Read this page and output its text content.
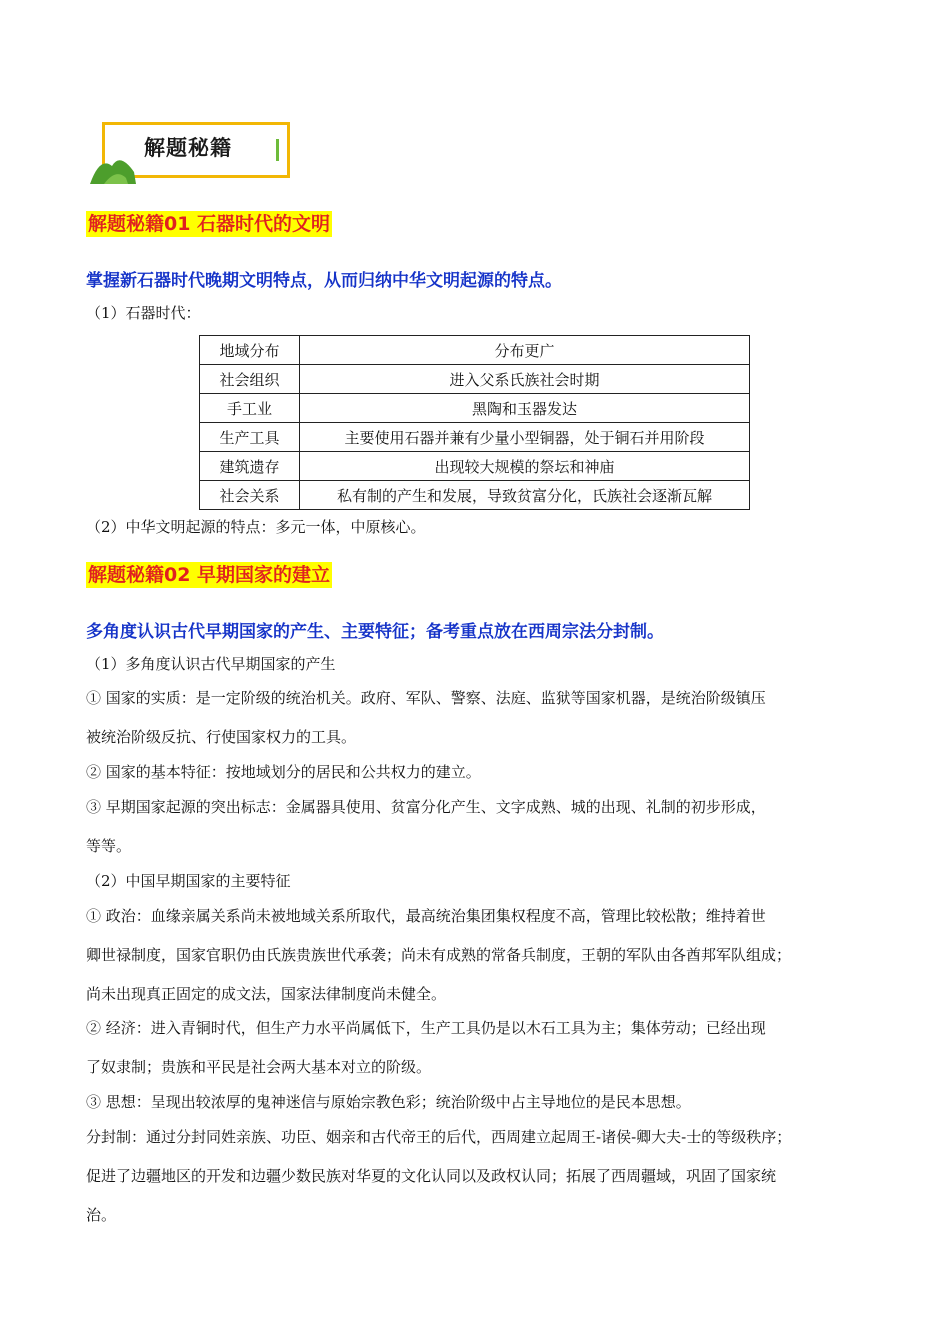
解题秘籍
解题秘籍01 石器时代的文明
掌握新石器时代晚期文明特点，从而归纳中华文明起源的特点。
（1）石器时代：
地域分布	分布更广
社会组织	进入父系氏族社会时期
手工业	黑陶和玉器发达
生产工具	主要使用石器并兼有少量小型铜器，处于铜石并用阶段
建筑遗存	出现较大规模的祭坛和神庙
社会关系	私有制的产生和发展，导致贫富分化，氏族社会逐渐瓦解
（2）中华文明起源的特点：多元一体，中原核心。
解题秘籍02 早期国家的建立
多角度认识古代早期国家的产生、主要特征；备考重点放在西周宗法分封制。
（1）多角度认识古代早期国家的产生
① 国家的实质：是一定阶级的统治机关。政府、军队、警察、法庭、监狱等国家机器，是统治阶级镇压
被统治阶级反抗、行使国家权力的工具。
② 国家的基本特征：按地域划分的居民和公共权力的建立。
③ 早期国家起源的突出标志：金属器具使用、贫富分化产生、文字成熟、城的出现、礼制的初步形成，
等等。
（2）中国早期国家的主要特征
① 政治：血缘亲属关系尚未被地域关系所取代，最高统治集团集权程度不高，管理比较松散；维持着世
卿世禄制度，国家官职仍由氏族贵族世代承袭；尚未有成熟的常备兵制度，王朝的军队由各酋邦军队组成；
尚未出现真正固定的成文法，国家法律制度尚未健全。
② 经济：进入青铜时代，但生产力水平尚属低下，生产工具仍是以木石工具为主；集体劳动；已经出现
了奴隶制；贵族和平民是社会两大基本对立的阶级。
③ 思想：呈现出较浓厚的鬼神迷信与原始宗教色彩；统治阶级中占主导地位的是民本思想。
分封制：通过分封同姓亲族、功臣、姻亲和古代帝王的后代，西周建立起周王-诸侯-卿大夫-士的等级秩序；
促进了边疆地区的开发和边疆少数民族对华夏的文化认同以及政权认同；拓展了西周疆域，巩固了国家统
治。
